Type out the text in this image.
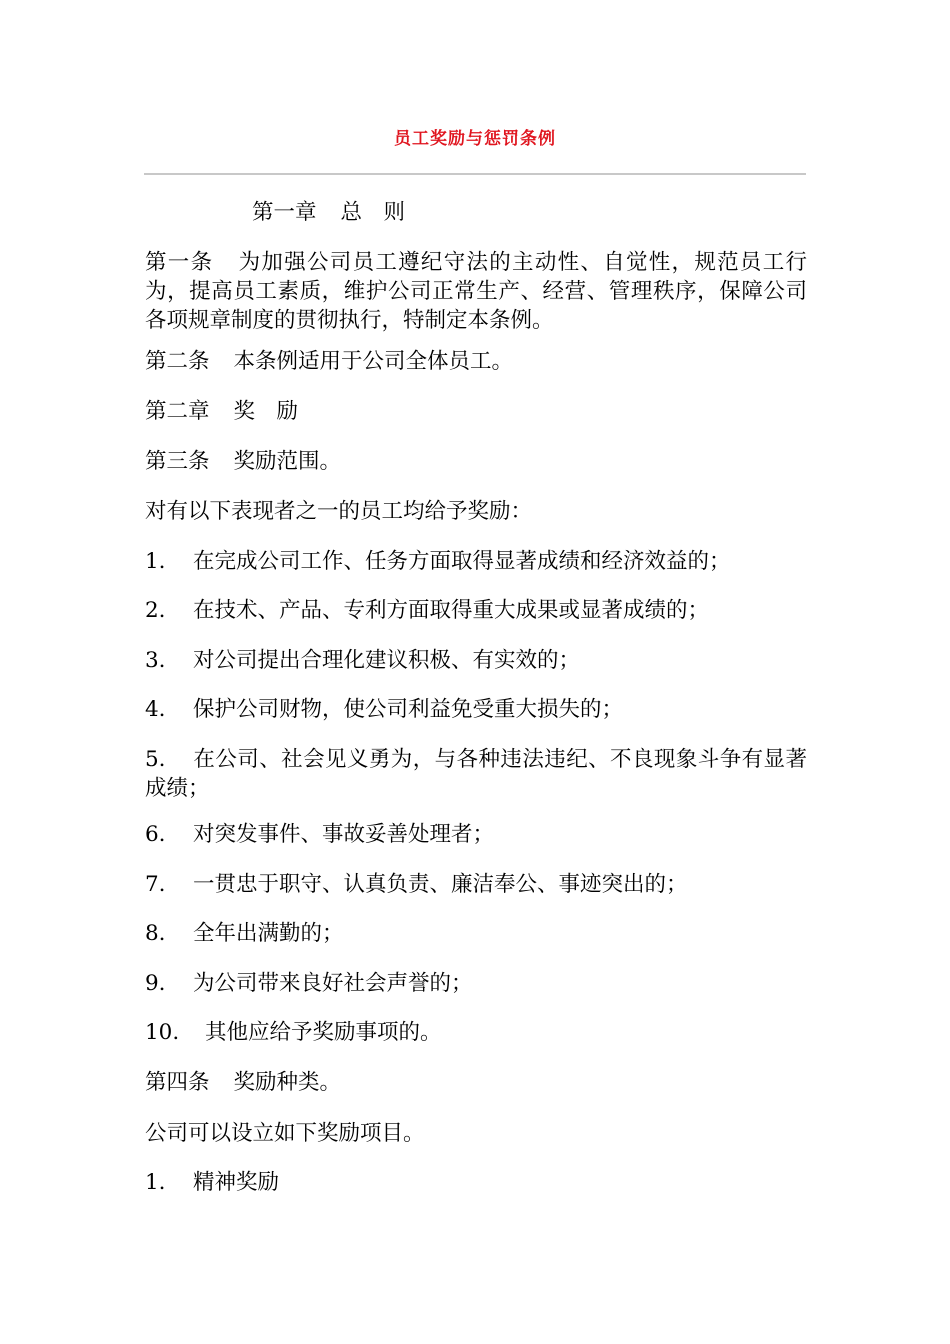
员工奖励与惩罚条例
第一章 总　则
第一条 为加强公司员工遵纪守法的主动性、自觉性，规范员工行为，提高员工素质，维护公司正常生产、经营、管理秩序，保障公司各项规章制度的贯彻执行，特制定本条例。
第二条 本条例适用于公司全体员工。
第二章 奖　励
第三条 奖励范围。
对有以下表现者之一的员工均给予奖励：
1. 在完成公司工作、任务方面取得显著成绩和经济效益的；
2. 在技术、产品、专利方面取得重大成果或显著成绩的；
3. 对公司提出合理化建议积极、有实效的；
4. 保护公司财物，使公司利益免受重大损失的；
5. 在公司、社会见义勇为，与各种违法违纪、不良现象斗争有显著成绩；
6. 对突发事件、事故妥善处理者；
7. 一贯忠于职守、认真负责、廉洁奉公、事迹突出的；
8. 全年出满勤的；
9. 为公司带来良好社会声誉的；
10. 其他应给予奖励事项的。
第四条 奖励种类。
公司可以设立如下奖励项目。
1. 精神奖励
